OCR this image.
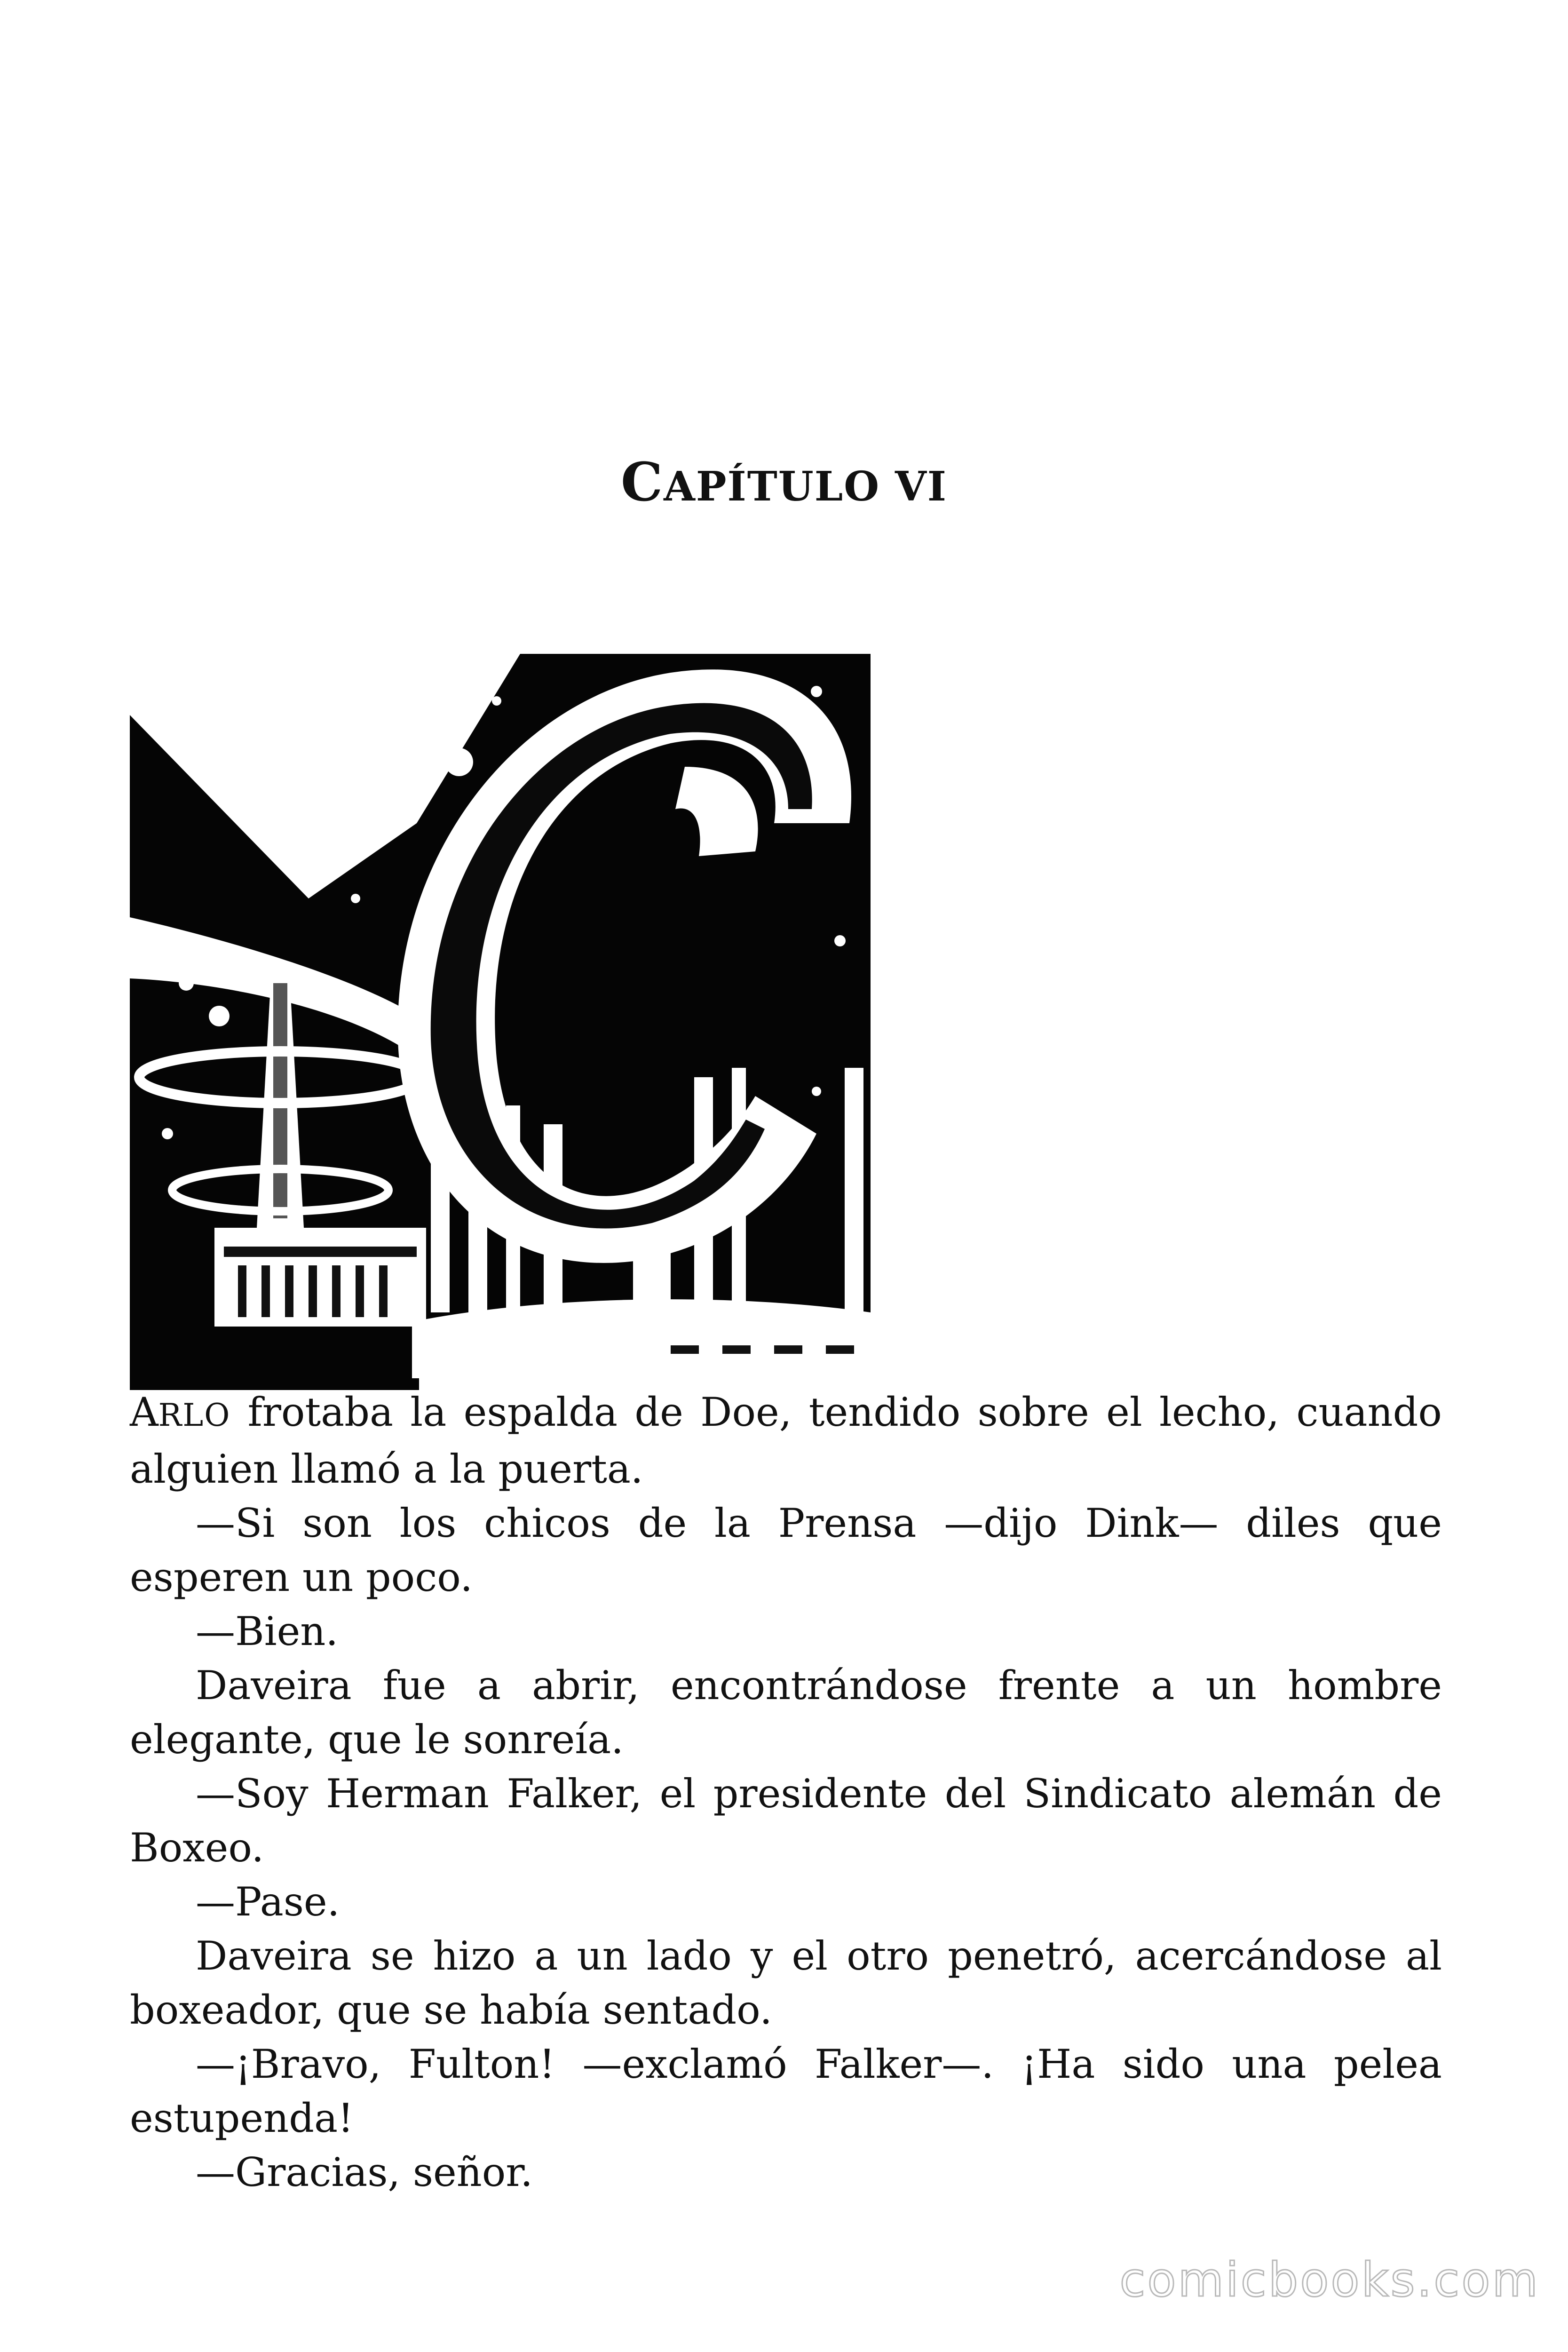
CAPÍTULO VI

ARLO frotaba la espalda de Doe, tendido sobre el lecho, cuando alguien llamó a la puerta.

—Si son los chicos de la Prensa —dijo Dink— diles que esperen un poco.

—Bien.

Daveira fue a abrir, encontrándose frente a un hombre elegante, que le sonreía.

—Soy Herman Falker, el presidente del Sindicato alemán de Boxeo.

—Pase.

Daveira se hizo a un lado y el otro penetró, acercándose al boxeador, que se había sentado.

—¡Bravo, Fulton! —exclamó Falker—. ¡Ha sido una pelea estupenda!

—Gracias, señor.

comicbooks.com
